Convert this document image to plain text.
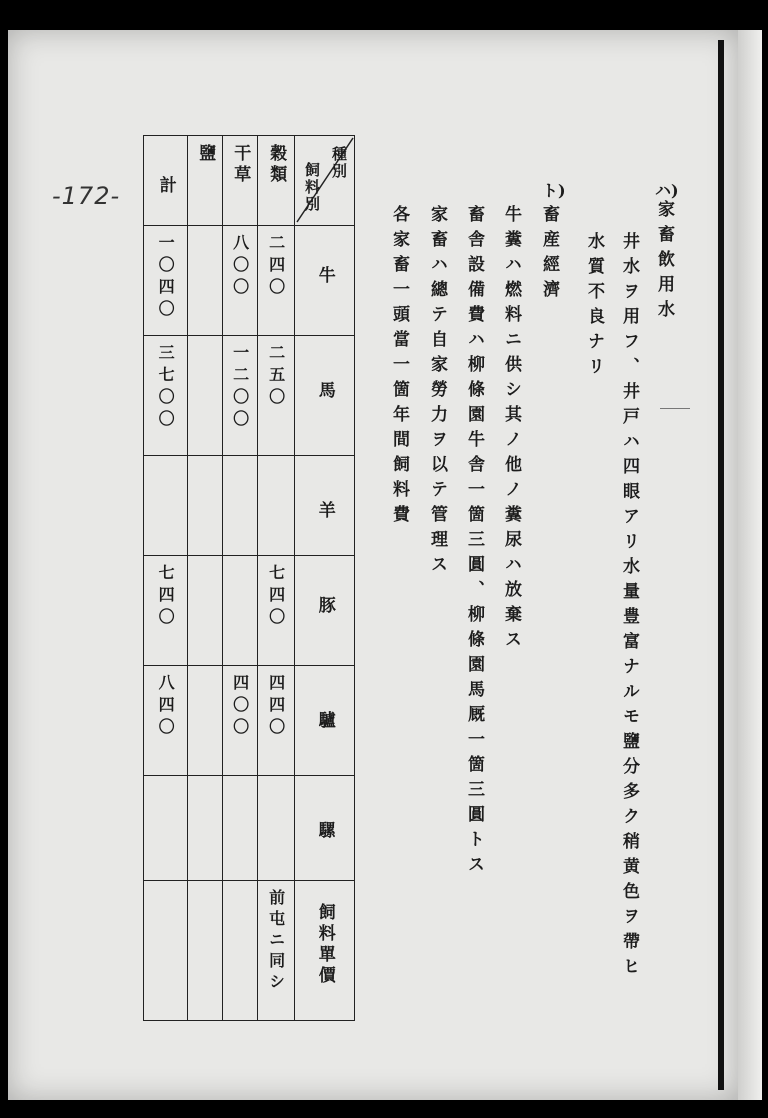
-172-	ハ)
家畜飲用水
井水ヲ用フ、井戸ハ四眼アリ水量豊富ナルモ鹽分多ク稍黄色ヲ帶ヒ
水質不良ナリ
ト)
畜産經濟
牛糞ハ燃料ニ供シ其ノ他ノ糞尿ハ放棄ス
畜舎設備費ハ柳條園牛舎一箇三圓、柳條園馬厩一箇三圓トス
家畜ハ總テ自家勞力ヲ以テ管理ス
各家畜一頭當一箇年間飼料費
計	鹽	干草	穀類	種別
飼料別

一〇四〇		八〇〇	二四〇	牛

三七〇〇		一二〇〇	二五〇	馬

				羊

七四〇			七四〇	豚

八四〇		四〇〇	四四〇	驢

				騾

			前屯ニ同シ	飼料單價
